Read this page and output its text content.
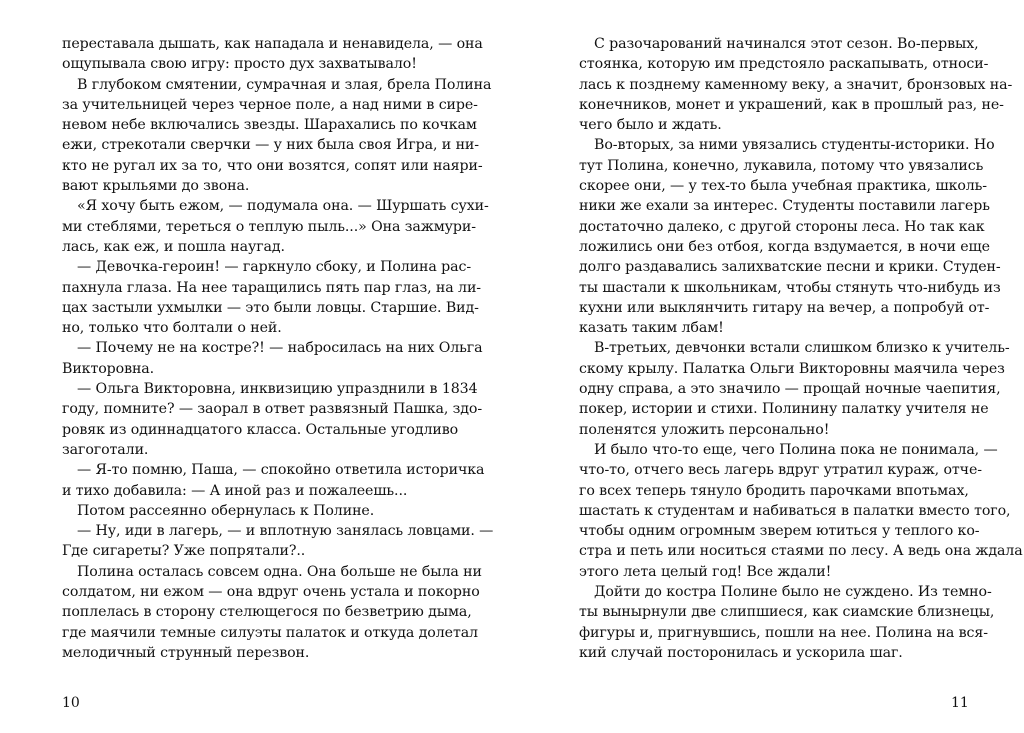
переставала дышать, как нападала и ненавидела, — она
ощупывала свою игру: просто дух захватывало!
В глубоком смятении, сумрачная и злая, брела Полина
за учительницей через черное поле, а над ними в сире-
невом небе включались звезды. Шарахались по кочкам
ежи, стрекотали сверчки — у них была своя Игра, и ни-
кто не ругал их за то, что они возятся, сопят или наяри-
вают крыльями до звона.
«Я хочу быть ежом, — подумала она. — Шуршать сухи-
ми стеблями, тереться о теплую пыль...» Она зажмури-
лась, как еж, и пошла наугад.
— Девочка-героин! — гаркнуло сбоку, и Полина рас-
пахнула глаза. На нее таращились пять пар глаз, на ли-
цах застыли ухмылки — это были ловцы. Старшие. Вид-
но, только что болтали о ней.
— Почему не на костре?! — набросилась на них Ольга
Викторовна.
— Ольга Викторовна, инквизицию упразднили в 1834
году, помните? — заорал в ответ развязный Пашка, здо-
ровяк из одиннадцатого класса. Остальные угодливо
загоготали.
— Я-то помню, Паша, — спокойно ответила историчка
и тихо добавила: — А иной раз и пожалеешь...
Потом рассеянно обернулась к Полине.
— Ну, иди в лагерь, — и вплотную занялась ловцами. —
Где сигареты? Уже попрятали?..
Полина осталась совсем одна. Она больше не была ни
солдатом, ни ежом — она вдруг очень устала и покорно
поплелась в сторону стелющегося по безветрию дыма,
где маячили темные силуэты палаток и откуда долетал
мелодичный струнный перезвон.
С разочарований начинался этот сезон. Во-первых,
стоянка, которую им предстояло раскапывать, относи-
лась к позднему каменному веку, а значит, бронзовых на-
конечников, монет и украшений, как в прошлый раз, не-
чего было и ждать.
Во-вторых, за ними увязались студенты-историки. Но
тут Полина, конечно, лукавила, потому что увязались
скорее они, — у тех-то была учебная практика, школь-
ники же ехали за интерес. Студенты поставили лагерь
достаточно далеко, с другой стороны леса. Но так как
ложились они без отбоя, когда вздумается, в ночи еще
долго раздавались залихватские песни и крики. Студен-
ты шастали к школьникам, чтобы стянуть что-нибудь из
кухни или выклянчить гитару на вечер, а попробуй от-
казать таким лбам!
В-третьих, девчонки встали слишком близко к учитель-
скому крылу. Палатка Ольги Викторовны маячила через
одну справа, а это значило — прощай ночные чаепития,
покер, истории и стихи. Полинину палатку учителя не
поленятся уложить персонально!
И было что-то еще, чего Полина пока не понимала, —
что-то, отчего весь лагерь вдруг утратил кураж, отче-
го всех теперь тянуло бродить парочками впотьмах,
шастать к студентам и набиваться в палатки вместо того,
чтобы одним огромным зверем ютиться у теплого ко-
стра и петь или носиться стаями по лесу. А ведь она ждала
этого лета целый год! Все ждали!
Дойти до костра Полине было не суждено. Из темно-
ты вынырнули две слипшиеся, как сиамские близнецы,
фигуры и, пригнувшись, пошли на нее. Полина на вся-
кий случай посторонилась и ускорила шаг.
10	11
